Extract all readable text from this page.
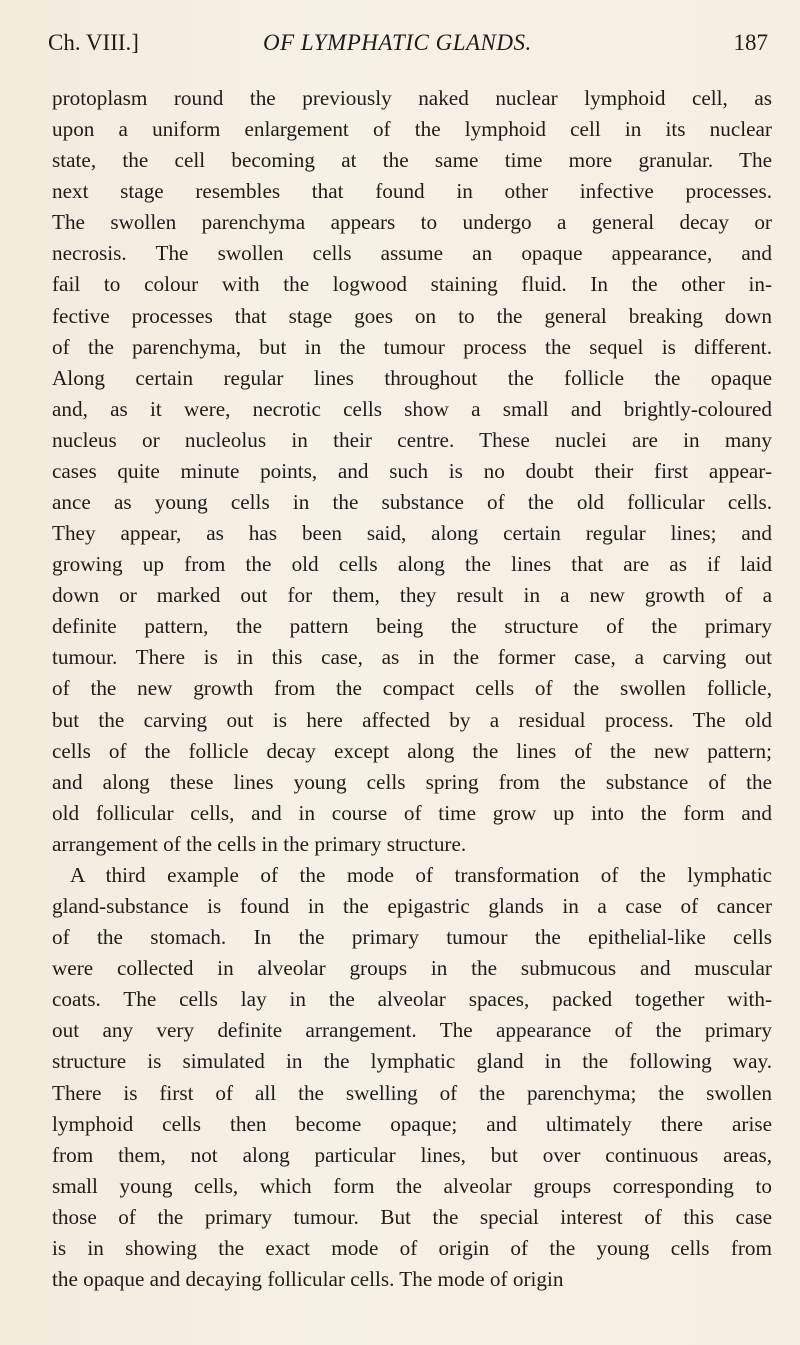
Ch. VIII.]	OF LYMPHATIC GLANDS.	187
protoplasm round the previously naked nuclear lymphoid cell, as
upon a uniform enlargement of the lymphoid cell in its nuclear
state, the cell becoming at the same time more granular. The
next stage resembles that found in other infective processes.
The swollen parenchyma appears to undergo a general decay or
necrosis. The swollen cells assume an opaque appearance, and
fail to colour with the logwood staining fluid. In the other in-
fective processes that stage goes on to the general breaking down
of the parenchyma, but in the tumour process the sequel is different.
Along certain regular lines throughout the follicle the opaque
and, as it were, necrotic cells show a small and brightly-coloured
nucleus or nucleolus in their centre. These nuclei are in many
cases quite minute points, and such is no doubt their first appear-
ance as young cells in the substance of the old follicular cells.
They appear, as has been said, along certain regular lines; and
growing up from the old cells along the lines that are as if laid
down or marked out for them, they result in a new growth of a
definite pattern, the pattern being the structure of the primary
tumour. There is in this case, as in the former case, a carving out
of the new growth from the compact cells of the swollen follicle,
but the carving out is here affected by a residual process. The old
cells of the follicle decay except along the lines of the new pattern;
and along these lines young cells spring from the substance of the
old follicular cells, and in course of time grow up into the form and
arrangement of the cells in the primary structure.
A third example of the mode of transformation of the lymphatic
gland-substance is found in the epigastric glands in a case of cancer
of the stomach. In the primary tumour the epithelial-like cells
were collected in alveolar groups in the submucous and muscular
coats. The cells lay in the alveolar spaces, packed together with-
out any very definite arrangement. The appearance of the primary
structure is simulated in the lymphatic gland in the following way.
There is first of all the swelling of the parenchyma; the swollen
lymphoid cells then become opaque; and ultimately there arise
from them, not along particular lines, but over continuous areas,
small young cells, which form the alveolar groups corresponding to
those of the primary tumour. But the special interest of this case
is in showing the exact mode of origin of the young cells from
the opaque and decaying follicular cells. The mode of origin
